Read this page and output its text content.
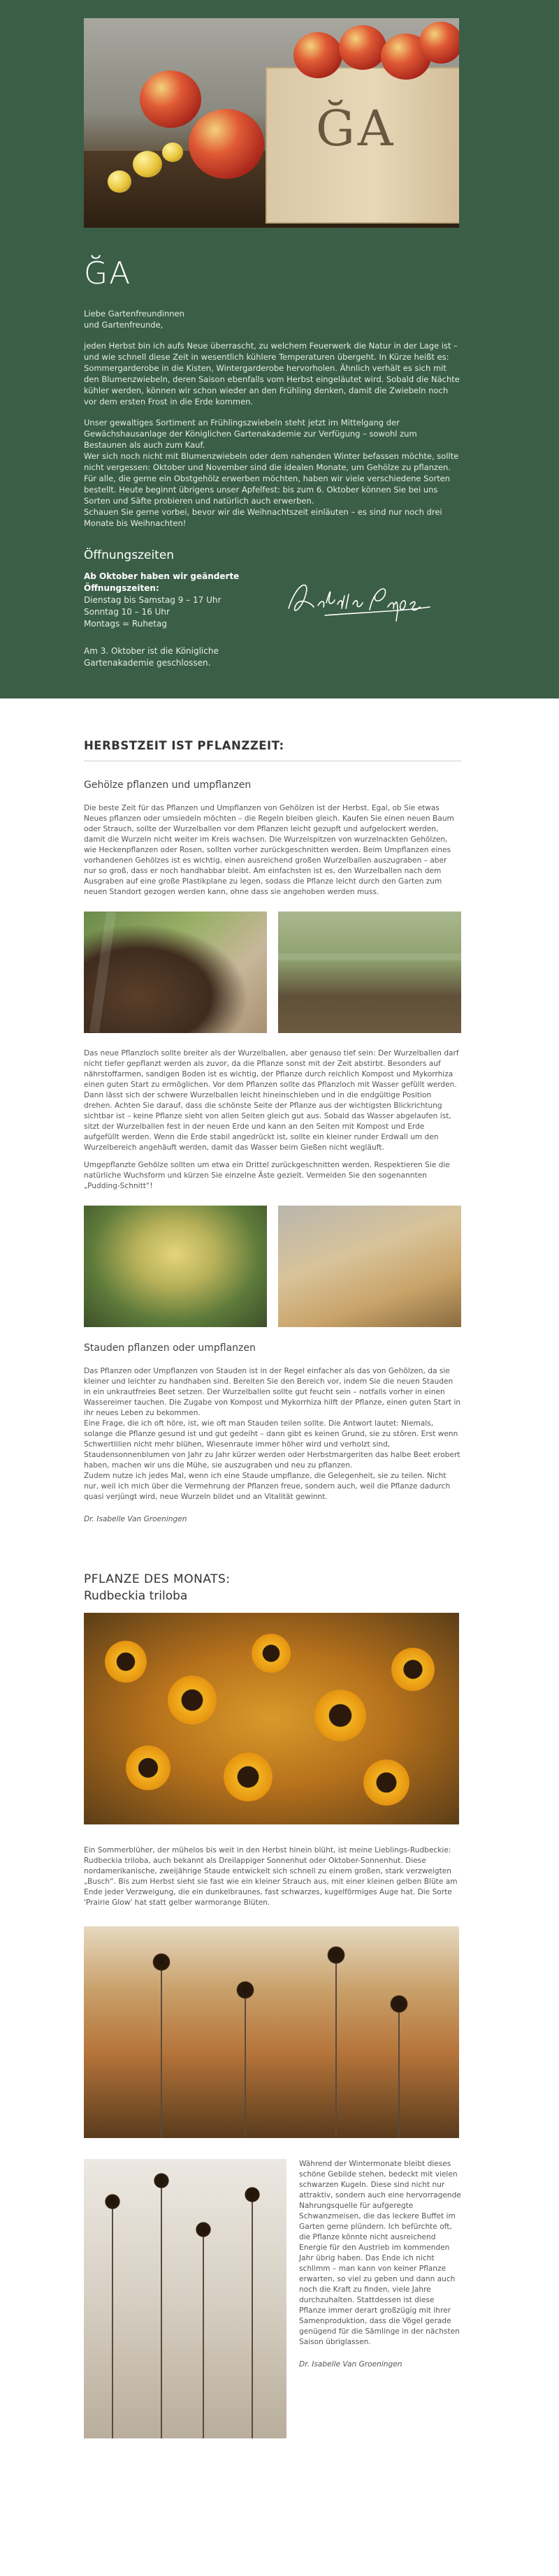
ĞA
ĞA

Liebe Gartenfreundinnen
und Gartenfreunde,

jeden Herbst bin ich aufs Neue überrascht, zu welchem Feuerwerk die Natur in der Lage ist – und wie schnell diese Zeit in wesentlich kühlere Temperaturen übergeht. In Kürze heißt es: Sommergarderobe in die Kisten, Wintergarderobe hervorholen. Ähnlich verhält es sich mit den Blumenzwiebeln, deren Saison ebenfalls vom Herbst eingeläutet wird. Sobald die Nächte kühler werden, können wir schon wieder an den Frühling denken, damit die Zwiebeln noch vor dem ersten Frost in die Erde kommen.

Unser gewaltiges Sortiment an Frühlingszwiebeln steht jetzt im Mittelgang der Gewächshausanlage der Königlichen Gartenakademie zur Verfügung – sowohl zum Bestaunen als auch zum Kauf.
Wer sich noch nicht mit Blumenzwiebeln oder dem nahenden Winter befassen möchte, sollte nicht vergessen: Oktober und November sind die idealen Monate, um Gehölze zu pflanzen. Für alle, die gerne ein Obstgehölz erwerben möchten, haben wir viele verschiedene Sorten bestellt. Heute beginnt übrigens unser Apfelfest: bis zum 6. Oktober können Sie bei uns Sorten und Säfte probieren und natürlich auch erwerben.
Schauen Sie gerne vorbei, bevor wir die Weihnachtszeit einläuten – es sind nur noch drei Monate bis Weihnachten!

Öffnungszeiten
Ab Oktober haben wir geänderte
Öffnungszeiten:
Dienstag bis Samstag 9 – 17 Uhr
Sonntag 10 – 16 Uhr
Montags = Ruhetag
Am 3. Oktober ist die Königliche
Gartenakademie geschlossen.
HERBSTZEIT IST PFLANZZEIT:
Gehölze pflanzen und umpflanzen

Die beste Zeit für das Pflanzen und Umpflanzen von Gehölzen ist der Herbst. Egal, ob Sie etwas Neues pflanzen oder umsiedeln möchten – die Regeln bleiben gleich. Kaufen Sie einen neuen Baum oder Strauch, sollte der Wurzelballen vor dem Pflanzen leicht gezupft und aufgelockert werden, damit die Wurzeln nicht weiter im Kreis wachsen. Die Wurzelspitzen von wurzelnackten Gehölzen, wie Heckenpflanzen oder Rosen, sollten vorher zurückgeschnitten werden. Beim Umpflanzen eines vorhandenen Gehölzes ist es wichtig, einen ausreichend großen Wurzelballen auszugraben – aber nur so groß, dass er noch handhabbar bleibt. Am einfachsten ist es, den Wurzelballen nach dem Ausgraben auf eine große Plastikplane zu legen, sodass die Pflanze leicht durch den Garten zum neuen Standort gezogen werden kann, ohne dass sie angehoben werden muss.

Das neue Pflanzloch sollte breiter als der Wurzelballen, aber genauso tief sein: Der Wurzelballen darf nicht tiefer gepflanzt werden als zuvor, da die Pflanze sonst mit der Zeit abstirbt. Besonders auf nährstoffarmen, sandigen Boden ist es wichtig, der Pflanze durch reichlich Kompost und Mykorrhiza einen guten Start zu ermöglichen. Vor dem Pflanzen sollte das Pflanzloch mit Wasser gefüllt werden. Dann lässt sich der schwere Wurzelballen leicht hineinschieben und in die endgültige Position drehen. Achten Sie darauf, dass die schönste Seite der Pflanze aus der wichtigsten Blickrichtung sichtbar ist – keine Pflanze sieht von allen Seiten gleich gut aus. Sobald das Wasser abgelaufen ist, sitzt der Wurzelballen fest in der neuen Erde und kann an den Seiten mit Kompost und Erde aufgefüllt werden. Wenn die Erde stabil angedrückt ist, sollte ein kleiner runder Erdwall um den Wurzelbereich angehäuft werden, damit das Wasser beim Gießen nicht wegläuft.

Umgepflanzte Gehölze sollten um etwa ein Drittel zurückgeschnitten werden. Respektieren Sie die natürliche Wuchsform und kürzen Sie einzelne Äste gezielt. Vermeiden Sie den sogenannten „Pudding-Schnitt“!

Stauden pflanzen oder umpflanzen

Das Pflanzen oder Umpflanzen von Stauden ist in der Regel einfacher als das von Gehölzen, da sie kleiner und leichter zu handhaben sind. Bereiten Sie den Bereich vor, indem Sie die neuen Stauden in ein unkrautfreies Beet setzen. Der Wurzelballen sollte gut feucht sein – notfalls vorher in einen Wassereimer tauchen. Die Zugabe von Kompost und Mykorrhiza hilft der Pflanze, einen guten Start in ihr neues Leben zu bekommen.
Eine Frage, die ich oft höre, ist, wie oft man Stauden teilen sollte. Die Antwort lautet: Niemals, solange die Pflanze gesund ist und gut gedeiht – dann gibt es keinen Grund, sie zu stören. Erst wenn Schwertlilien nicht mehr blühen, Wiesenraute immer höher wird und verholzt sind, Staudensonnenblumen von Jahr zu Jahr kürzer werden oder Herbstmargeriten das halbe Beet erobert haben, machen wir uns die Mühe, sie auszugraben und neu zu pflanzen.
Zudem nutze ich jedes Mal, wenn ich eine Staude umpflanze, die Gelegenheit, sie zu teilen. Nicht nur, weil ich mich über die Vermehrung der Pflanzen freue, sondern auch, weil die Pflanze dadurch quasi verjüngt wird, neue Wurzeln bildet und an Vitalität gewinnt.

Dr. Isabelle Van Groeningen

PFLANZE DES MONATS:
Rudbeckia triloba

Ein Sommerblüher, der mühelos bis weit in den Herbst hinein blüht, ist meine Lieblings-Rudbeckie: Rudbeckia triloba, auch bekannt als Dreilappiger Sonnenhut oder Oktober-Sonnenhut. Diese nordamerikanische, zweijährige Staude entwickelt sich schnell zu einem großen, stark verzweigten „Busch“. Bis zum Herbst sieht sie fast wie ein kleiner Strauch aus, mit einer kleinen gelben Blüte am Ende jeder Verzweigung, die ein dunkelbraunes, fast schwarzes, kugelförmiges Auge hat. Die Sorte 'Prairie Glow' hat statt gelber warmorange Blüten.

Während der Wintermonate bleibt dieses schöne Gebilde stehen, bedeckt mit vielen schwarzen Kugeln. Diese sind nicht nur attraktiv, sondern auch eine hervorragende Nahrungsquelle für aufgeregte Schwanzmeisen, die das leckere Buffet im Garten gerne plündern. Ich befürchte oft, die Pflanze könnte nicht ausreichend Energie für den Austrieb im kommenden Jahr übrig haben. Das Ende ich nicht schlimm – man kann von keiner Pflanze erwarten, so viel zu geben und dann auch noch die Kraft zu finden, viele Jahre durchzuhalten. Stattdessen ist diese Pflanze immer derart großzügig mit ihrer Samenproduktion, dass die Vögel gerade genügend für die Sämlinge in der nächsten Saison übriglassen.

Dr. Isabelle Van Groeningen
